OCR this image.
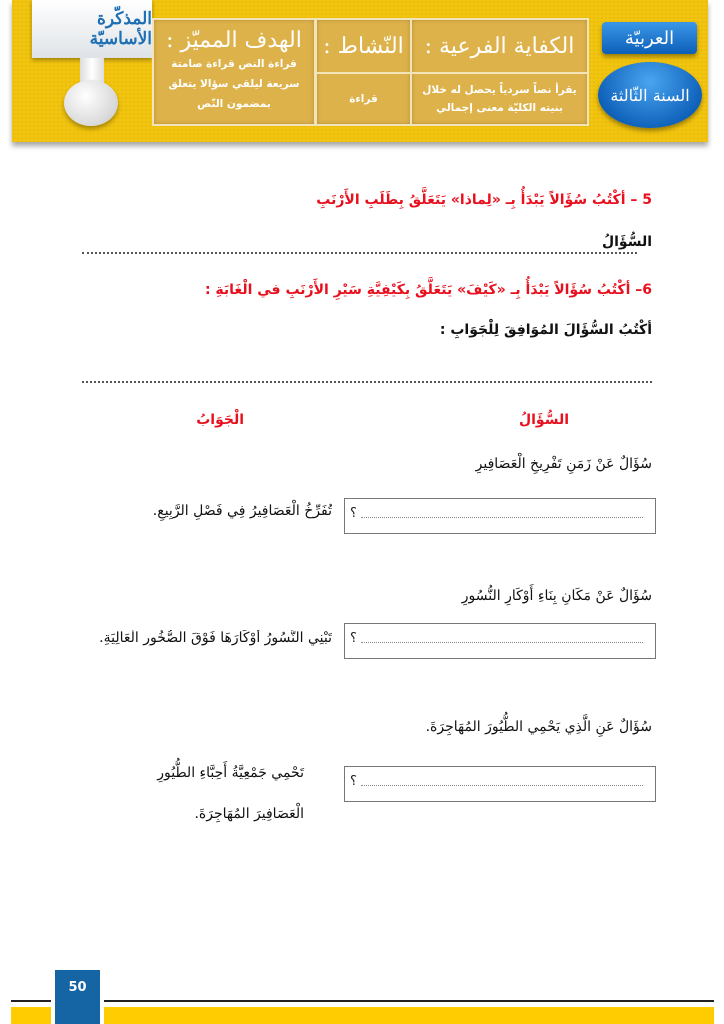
المذكّرة الأساسيّة الهدف المميّز :
قراءة النص قراءة صامتة
سريعة ليلقي سؤالا يتعلق
بمضمون النّص
النّشاط :
قراءة
الكفاية الفرعية :
يقرأ نصاً سردياً يحصل له خلال
بنيته الكليّة معنى إجمالي
العربيّة
السنة الثّالثة
5 – أكْتُبُ سُؤَالاً يَبْدَأُ بِـ «لِماذا» يَتَعَلَّقُ بِطَلَبِ الأَرْنَبِ
السُّؤَالُ
6– أكْتُبُ سُؤَالاً يَبْدَأُ بِـ «كَيْفَ» يَتَعَلَّقُ بِكَيْفِيَّةِ سَيْرِ الأَرْنَبِ في الْغَابَةِ :
أكْتُبُ السُّؤَالَ المُوَافِقَ لِلْجَوَابِ :
السُّؤَالُ
الْجَوَابُ
سُؤَالٌ عَنْ زَمَنِ تَفْرِيخِ الْعَصَافِيرِ
؟
تُفَرِّخُ الْعَصَافِيرُ فِي فَصْلِ الرَّبِيعِ.
سُؤَالٌ عَنْ مَكَانِ بِنَاءِ أَوْكَارِ النُّسُورِ
؟
تَبْنِي النُّسُورُ أَوْكَارَهَا فَوْقَ الصُّخُورِ الْعَالِيَةِ.
سُؤَالٌ عَنِ الَّذِي يَحْمِي الطُّيُورَ المُهَاجِرَةَ.
؟
تَحْمِي جَمْعِيَّةُ أَحِبَّاءِ الطُّيُورِ
الْعَصَافِيرَ المُهَاجِرَةَ.
50
